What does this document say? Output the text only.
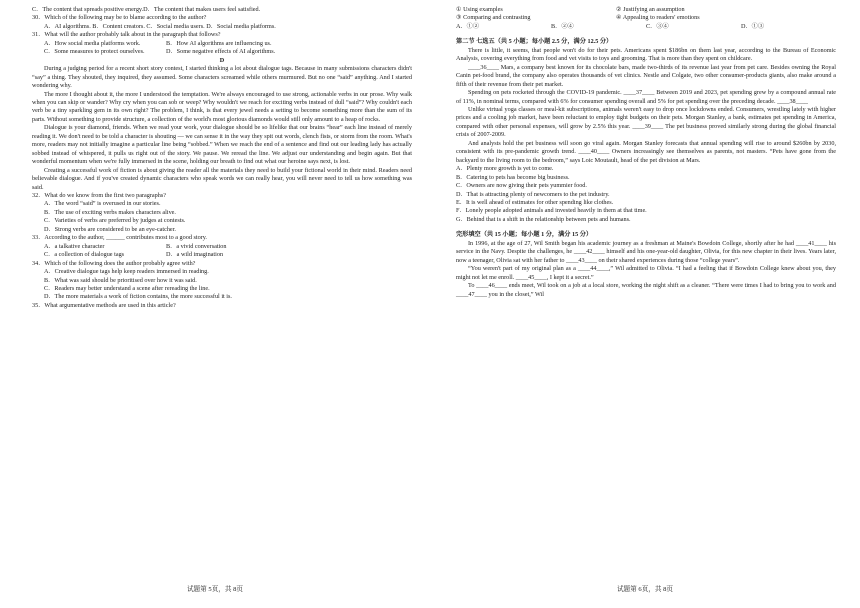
C．The content that spreads positive energy.D．The content that makes users feel satisfied.
30．Which of the following may be to blame according to the author?
A．AI algorithms. B．Content creators. C．Social media users. D．Social media platforms.
31．What will the author probably talk about in the paragraph that follows?
A．How social media platforms work.	B．How AI algorithms are influencing us.
C．Some measures to protect ourselves.	D．Some negative effects of AI algorithms.
D

During a judging period for a recent short story contest, I started thinking a lot about dialogue tags. Because in many submissions characters didn't “say” a thing. They shouted, they inquired, they assumed. Some characters screamed while others murmured. But no one “said” anything. And I started wondering why.

The more I thought about it, the more I understood the temptation. We're always encouraged to use strong, actionable verbs in our prose. Why walk when you can skip or wander? Why cry when you can sob or weep? Why wouldn't we reach for exciting verbs instead of dull “said”? Why couldn't each verb be a tiny sparkling gem in its own right? The problem, I think, is that every jewel needs a setting to become something more than the sum of its parts. Without something to provide structure, a collection of the world's most glorious diamonds would still only amount to a heap of rocks.

Dialogue is your diamond, friends. When we read your work, your dialogue should be so lifelike that our brains “hear” each line instead of merely reading it. We don't need to be told a character is shouting — we can sense it in the way they spit out words, clench fists, or storm from the room. What's more, readers may not initially imagine a particular line being “sobbed.” When we reach the end of a sentence and find out our leading lady has actually sobbed instead of whispered, it pulls us right out of the story. We pause. We reread the line. We adjust our understanding and begin again. But that wonderful momentum when we're fully immersed in the scene, holding our breath to find out what our heroine says next, is lost.

Creating a successful work of fiction is about giving the reader all the materials they need to build your fictional world in their mind. Readers need believable dialogue. And if you've created dynamic characters who speak words we can really hear, you will never need to tell us how something was said.

32．What do we know from the first two paragraphs?
A．The word “said” is overused in our stories.
B．The use of exciting verbs makes characters alive.
C．Varieties of verbs are preferred by judges at contests.
D．Strong verbs are considered to be an eye-catcher.
33．According to the author, ______ contributes most to a good story.
A．a talkative character	B．a vivid conversation
C．a collection of dialogue tags	D．a wild imagination
34．Which of the following does the author probably agree with?
A．Creative dialogue tags help keep readers immersed in reading.
B．What was said should be prioritised over how it was said.
C．Readers may better understand a scene after rereading the line.
D．The more materials a work of fiction contains, the more successful it is.
35．What argumentative methods are used in this article?
试题第 5页，共 8页
① Using examples	② Justifying an assumption
③ Comparing and contrasting	④ Appealing to readers' emotions
A．①②	B．②④	C．③④	D．①③
第二节 七选五（共 5 小题；每小题 2.5 分，满分 12.5 分）

There is little, it seems, that people won't do for their pets. Americans spent $186bn on them last year, according to the Bureau of Economic Analysis, covering everything from food and vet visits to toys and grooming. That is more than they spent on childcare.

____36____ Mars, a company best known for its chocolate bars, made two-thirds of its revenue last year from pet care. Besides owning the Royal Canin pet-food brand, the company also operates thousands of vet clinics. Nestle and Colgate, two other consumer-products giants, also make around a fifth of their revenue from their pet market.

Spending on pets rocketed through the COVID-19 pandemic. ____37____ Between 2019 and 2023, pet spending grew by a compound annual rate of 11%, in nominal terms, compared with 6% for consumer spending overall and 5% for pet spending over the preceding decade. ____38____

Unlike virtual yoga classes or meal-kit subscriptions, animals weren't easy to drop once lockdowns ended. Consumers, wrestling lately with higher prices and a cooling job market, have been reluctant to employ tight budgets on their pets. Morgan Stanley, a bank, estimates pet spending in America, compared with other personal expenses, will grow by 2.5% this year. ____39____ The pet business proved similarly strong during the global financial crisis of 2007-2009.

And analysts hold the pet business will soon go viral again. Morgan Stanley forecasts that annual spending will rise to around $260bn by 2030, consistent with its pre-pandemic growth trend. ____40____ Owners increasingly see themselves as parents, not masters. “Pets have gone from the backyard to the living room to the bedroom,” says Loic Moutault, head of the pet division at Mars.

A．Plenty more growth is yet to come.
B．Catering to pets has become big business.
C．Owners are now giving their pets yummier food.
D．That is attracting plenty of newcomers to the pet industry.
E．It is well ahead of estimates for other spending like clothes.
F．Lonely people adopted animals and invested heavily in them at that time.
G．Behind that is a shift in the relationship between pets and humans.
完形填空（共 15 小题；每小题 1 分，满分 15 分）

In 1996, at the age of 27, Wil Smith began his academic journey as a freshman at Maine's Bowdoin College, shortly after he had ____41____ his service in the Navy. Despite the challenges, he ____42____ himself and his one-year-old daughter, Olivia, for this new chapter in their lives. Years later, now a teenager, Olivia sat with her father to ____43____ on their shared experiences during those “college years”.

“You weren't part of my original plan as a ____44____,” Wil admitted to Olivia. “I had a feeling that if Bowdoin College knew about you, they might not let me enroll. ____45____, I kept it a secret.”

To ____46____ ends meet, Wil took on a job at a local store, working the night shift as a cleaner. “There were times I had to bring you to work and ____47____ you in the closet,” Wil

试题第 6页，共 8页
